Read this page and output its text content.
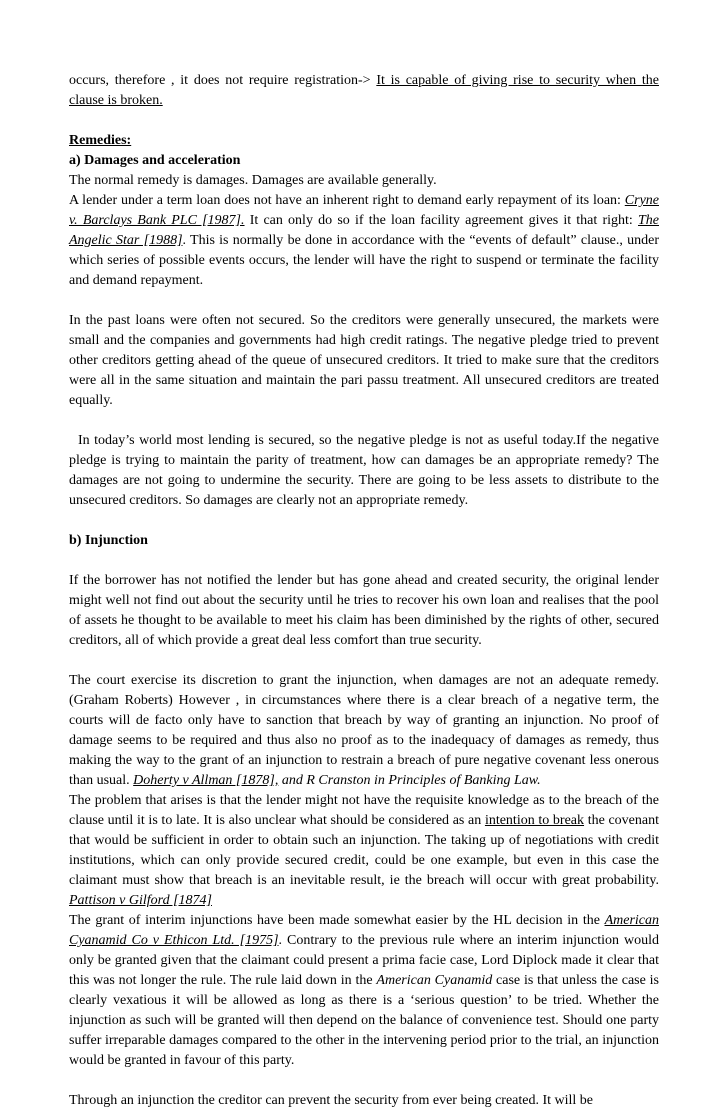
occurs, therefore , it does not require registration-> It is capable of giving rise to security when the clause is broken.

Remedies:

a) Damages and acceleration

The normal remedy is damages. Damages are available generally.

A lender under a term loan does not have an inherent right to demand early repayment of its loan: Cryne v. Barclays Bank PLC [1987]. It can only do so if the loan facility agreement gives it that right: The Angelic Star [1988]. This is normally be done in accordance with the “events of default” clause., under which series of possible events occurs, the lender will have the right to suspend or terminate the facility and demand repayment.

In the past loans were often not secured. So the creditors were generally unsecured, the markets were small and the companies and governments had high credit ratings. The negative pledge tried to prevent other creditors getting ahead of the queue of unsecured creditors. It tried to make sure that the creditors were all in the same situation and maintain the pari passu treatment. All unsecured creditors are treated equally.

In today’s world most lending is secured, so the negative pledge is not as useful today.If the negative pledge is trying to maintain the parity of treatment, how can damages be an appropriate remedy? The damages are not going to undermine the security. There are going to be less assets to distribute to the unsecured creditors. So damages are clearly not an appropriate remedy.

b) Injunction

If the borrower has not notified the lender but has gone ahead and created security, the original lender might well not find out about the security until he tries to recover his own loan and realises that the pool of assets he thought to be available to meet his claim has been diminished by the rights of other, secured creditors, all of which provide a great deal less comfort than true security.

The court exercise its discretion to grant the injunction, when damages are not an adequate remedy. (Graham Roberts) However , in circumstances where there is a clear breach of a negative term, the courts will de facto only have to sanction that breach by way of granting an injunction. No proof of damage seems to be required and thus also no proof as to the inadequacy of damages as remedy, thus making the way to the grant of an injunction to restrain a breach of pure negative covenant less onerous than usual. Doherty v Allman [1878], and R Cranston in Principles of Banking Law.

The problem that arises is that the lender might not have the requisite knowledge as to the breach of the clause until it is to late. It is also unclear what should be considered as an intention to break the covenant that would be sufficient in order to obtain such an injunction. The taking up of negotiations with credit institutions, which can only provide secured credit, could be one example, but even in this case the claimant must show that breach is an inevitable result, ie the breach will occur with great probability. Pattison v Gilford [1874]

The grant of interim injunctions have been made somewhat easier by the HL decision in the American Cyanamid Co v Ethicon Ltd. [1975]. Contrary to the previous rule where an interim injunction would only be granted given that the claimant could present a prima facie case, Lord Diplock made it clear that this was not longer the rule. The rule laid down in the American Cyanamid case is that unless the case is clearly vexatious it will be allowed as long as there is a ‘serious question’ to be tried. Whether the injunction as such will be granted will then depend on the balance of convenience test. Should one party suffer irreparable damages compared to the other in the intervening period prior to the trial, an injunction would be granted in favour of this party.

Through an injunction the creditor can prevent the security from ever being created. It will be
